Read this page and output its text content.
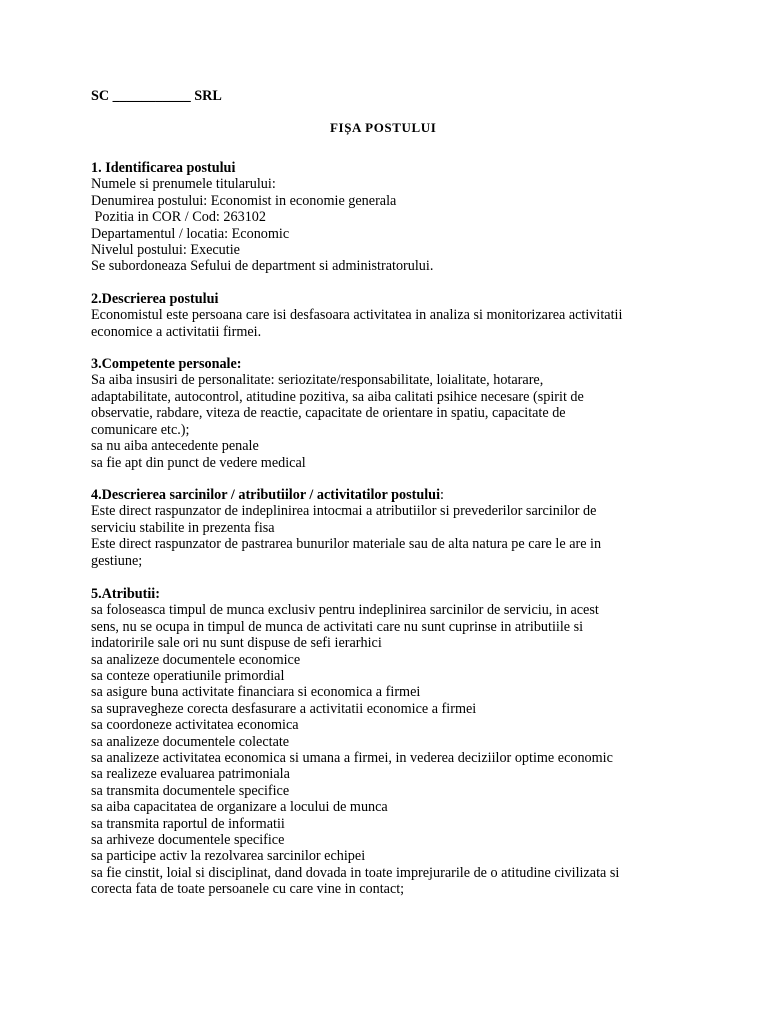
SC ___________ SRL

FIȘA POSTULUI

1. Identificarea postului
Numele si prenumele titularului:
Denumirea postului: Economist in economie generala
Pozitia in COR / Cod: 263102
Departamentul / locatia: Economic
Nivelul postului: Executie
Se subordoneaza Sefului de department si administratorului.
2.Descrierea postului
Economistul este persoana care isi desfasoara activitatea in analiza si monitorizarea activitatii
economice a activitatii firmei.
3.Competente personale:
Sa aiba insusiri de personalitate: seriozitate/responsabilitate, loialitate, hotarare,
adaptabilitate, autocontrol, atitudine pozitiva, sa aiba calitati psihice necesare (spirit de
observatie, rabdare, viteza de reactie, capacitate de orientare in spatiu, capacitate de
comunicare etc.);
sa nu aiba antecedente penale
sa fie apt din punct de vedere medical
4.Descrierea sarcinilor / atributiilor / activitatilor postului:
Este direct raspunzator de indeplinirea intocmai a atributiilor si prevederilor sarcinilor de
serviciu stabilite in prezenta fisa
Este direct raspunzator de pastrarea bunurilor materiale sau de alta natura pe care le are in
gestiune;
5.Atributii:
sa foloseasca timpul de munca exclusiv pentru indeplinirea sarcinilor de serviciu, in acest
sens, nu se ocupa in timpul de munca de activitati care nu sunt cuprinse in atributiile si
indatoririle sale ori nu sunt dispuse de sefi ierarhici
sa analizeze documentele economice
sa conteze operatiunile primordial
sa asigure buna activitate financiara si economica a firmei
sa supravegheze corecta desfasurare a activitatii economice a firmei
sa coordoneze activitatea economica
sa analizeze documentele colectate
sa analizeze activitatea economica si umana a firmei, in vederea deciziilor optime economic
sa realizeze evaluarea patrimoniala
sa transmita documentele specifice
sa aiba capacitatea de organizare a locului de munca
sa transmita raportul de informatii
sa arhiveze documentele specifice
sa participe activ la rezolvarea sarcinilor echipei
sa fie cinstit, loial si disciplinat, dand dovada in toate imprejurarile de o atitudine civilizata si
corecta fata de toate persoanele cu care vine in contact;
